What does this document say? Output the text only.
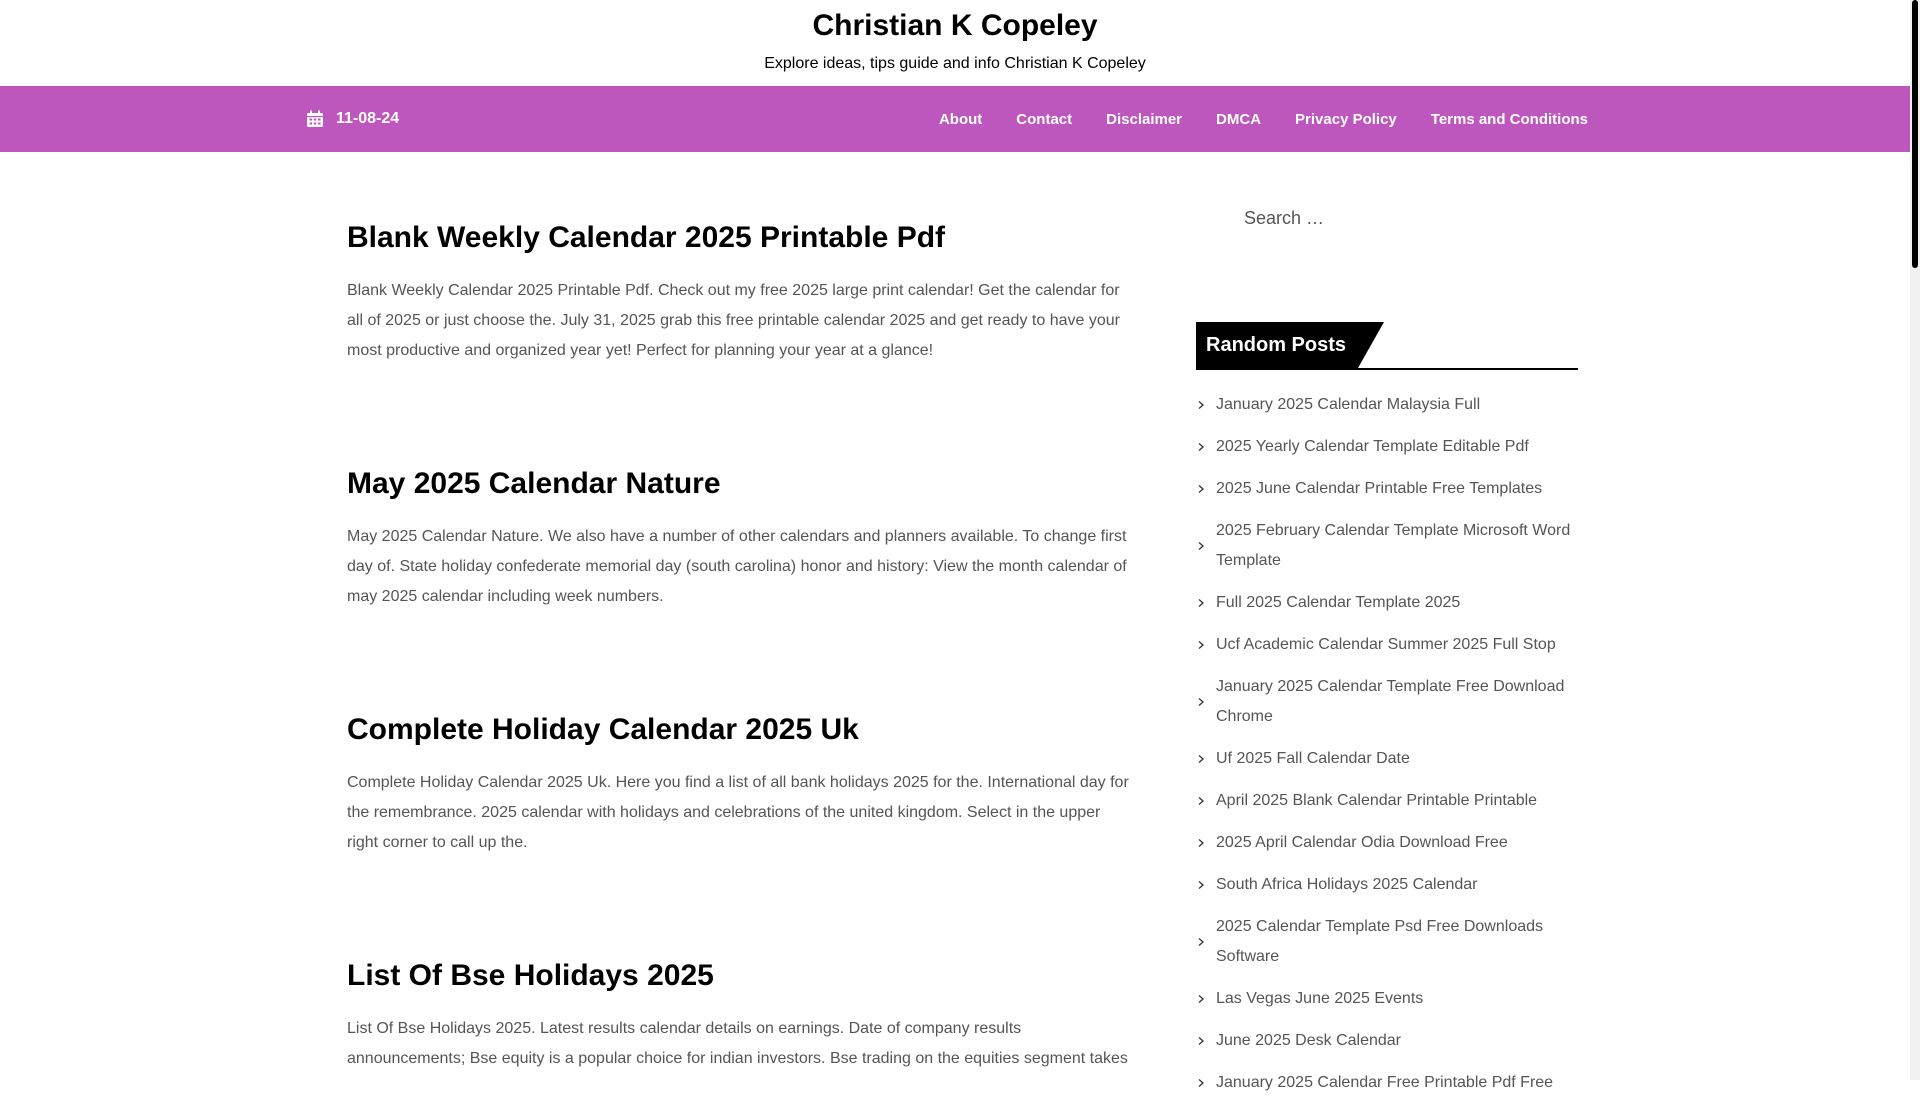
Christian K Copeley
Explore ideas, tips guide and info Christian K Copeley
11-08-24	About Contact Disclaimer DMCA Privacy Policy Terms and Conditions
Blank Weekly Calendar 2025 Printable Pdf

Blank Weekly Calendar 2025 Printable Pdf. Check out my free 2025 large print calendar! Get the calendar for all of 2025 or just choose the. July 31, 2025 grab this free printable calendar 2025 and get ready to have your most productive and organized year yet! Perfect for planning your year at a glance!

May 2025 Calendar Nature

May 2025 Calendar Nature. We also have a number of other calendars and planners available. To change first day of. State holiday confederate memorial day (south carolina) honor and history: View the month calendar of may 2025 calendar including week numbers.

Complete Holiday Calendar 2025 Uk

Complete Holiday Calendar 2025 Uk. Here you find a list of all bank holidays 2025 for the. International day for the remembrance. 2025 calendar with holidays and celebrations of the united kingdom. Select in the upper right corner to call up the.

List Of Bse Holidays 2025

List Of Bse Holidays 2025. Latest results calendar details on earnings. Date of company results announcements; Bse equity is a popular choice for indian investors. Bse trading on the equities segment takes

Search …
Random Posts
January 2025 Calendar Malaysia Full
2025 Yearly Calendar Template Editable Pdf
2025 June Calendar Printable Free Templates
2025 February Calendar Template Microsoft Word Template
Full 2025 Calendar Template 2025
Ucf Academic Calendar Summer 2025 Full Stop
January 2025 Calendar Template Free Download Chrome
Uf 2025 Fall Calendar Date
April 2025 Blank Calendar Printable Printable
2025 April Calendar Odia Download Free
South Africa Holidays 2025 Calendar
2025 Calendar Template Psd Free Downloads Software
Las Vegas June 2025 Events
June 2025 Desk Calendar
January 2025 Calendar Free Printable Pdf Free
